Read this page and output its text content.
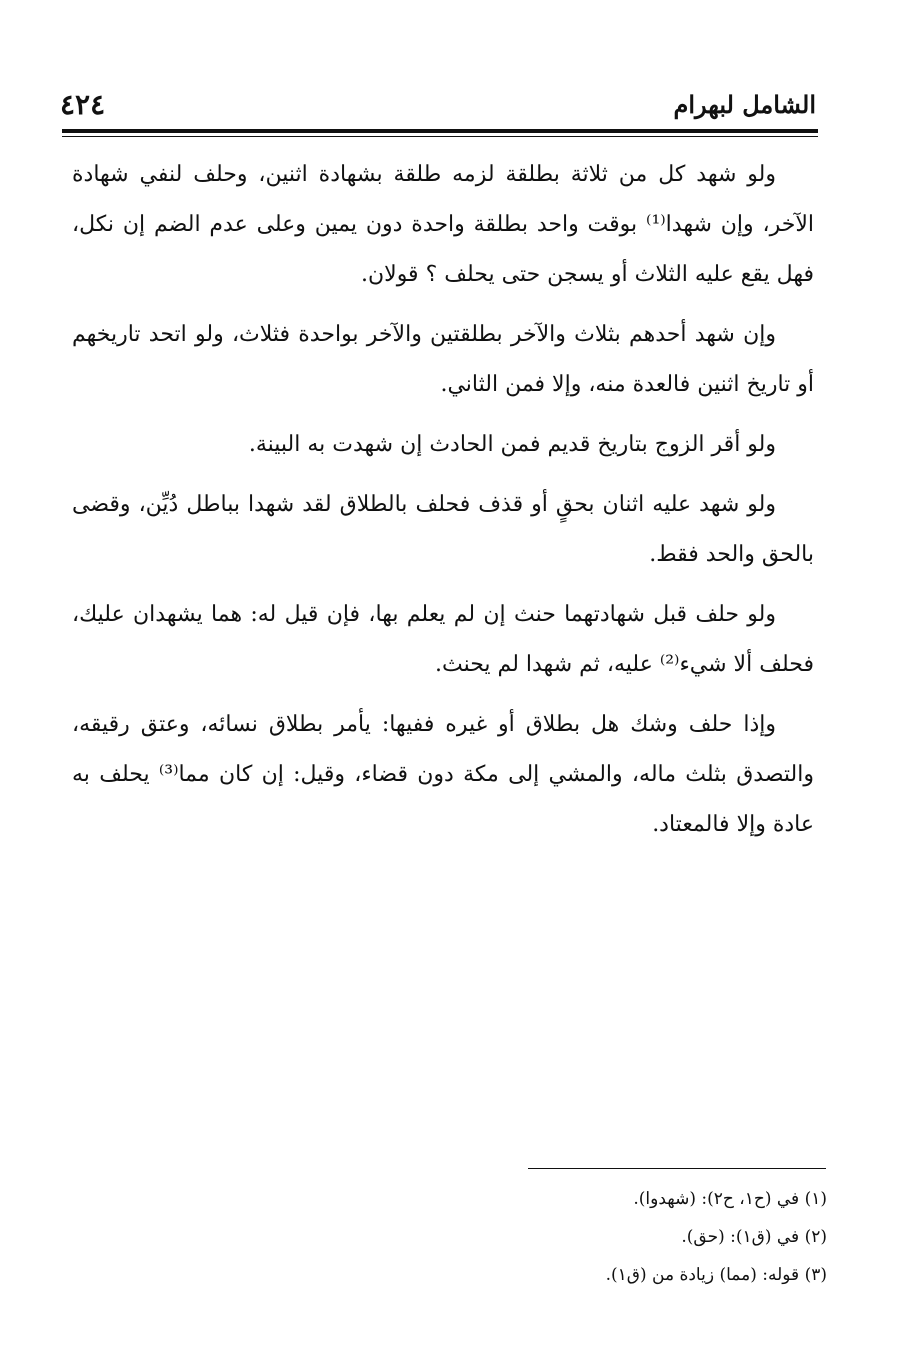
٤٢٤	الشامل لبهرام

ولو شهد كل من ثلاثة بطلقة لزمه طلقة بشهادة اثنين، وحلف لنفي شهادة الآخر، وإن شهدا⁽¹⁾ بوقت واحد بطلقة واحدة دون يمين وعلى عدم الضم إن نكل، فهل يقع عليه الثلاث أو يسجن حتى يحلف ؟ قولان.

وإن شهد أحدهم بثلاث والآخر بطلقتين والآخر بواحدة فثلاث، ولو اتحد تاريخهم أو تاريخ اثنين فالعدة منه، وإلا فمن الثاني.

ولو أقر الزوج بتاريخ قديم فمن الحادث إن شهدت به البينة.

ولو شهد عليه اثنان بحقٍ أو قذف فحلف بالطلاق لقد شهدا بباطل دُيِّن، وقضى بالحق والحد فقط.

ولو حلف قبل شهادتهما حنث إن لم يعلم بها، فإن قيل له: هما يشهدان عليك، فحلف ألا شيء⁽²⁾ عليه، ثم شهدا لم يحنث.

وإذا حلف وشك هل بطلاق أو غيره ففيها: يأمر بطلاق نسائه، وعتق رقيقه، والتصدق بثلث ماله، والمشي إلى مكة دون قضاء، وقيل: إن كان مما⁽³⁾ يحلف به عادة وإلا فالمعتاد.

(١) في (ح١، ح٢): (شهدوا).

(٢) في (ق١): (حق).

(٣) قوله: (مما) زيادة من (ق١).
